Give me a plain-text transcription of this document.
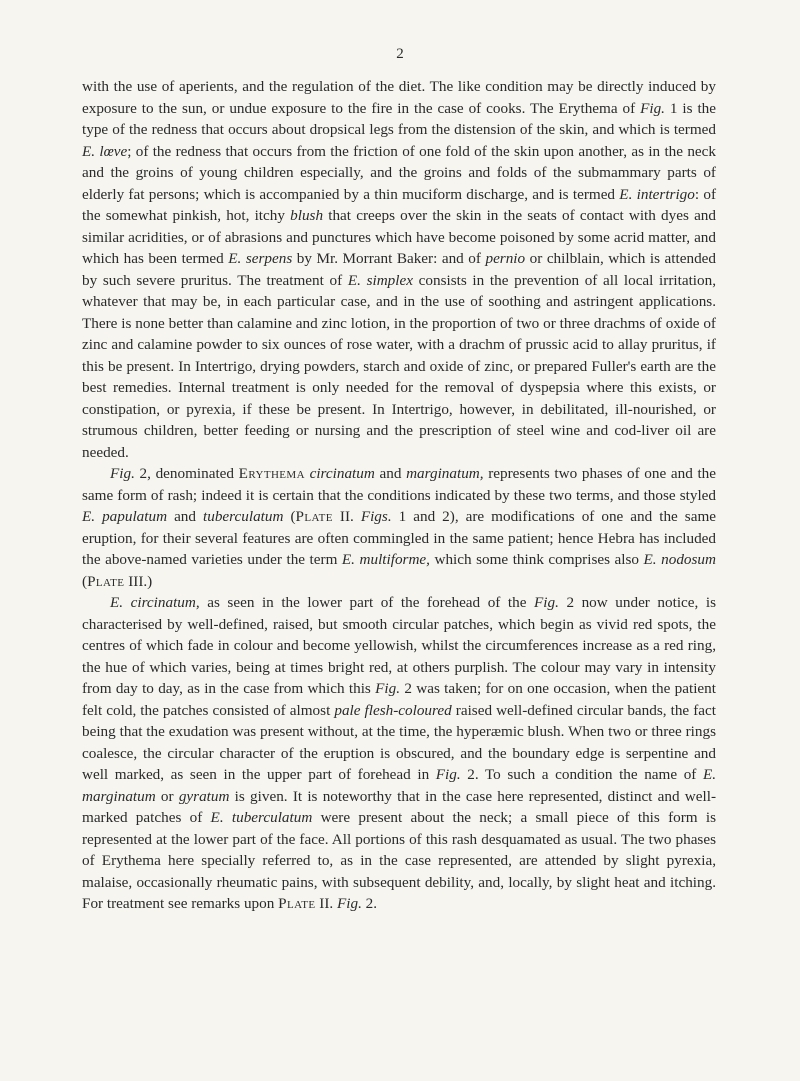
2

with the use of aperients, and the regulation of the diet. The like condition may be directly induced by exposure to the sun, or undue exposure to the fire in the case of cooks. The Erythema of Fig. 1 is the type of the redness that occurs about dropsical legs from the distension of the skin, and which is termed E. lœve; of the redness that occurs from the friction of one fold of the skin upon another, as in the neck and the groins of young children especially, and the groins and folds of the submammary parts of elderly fat persons; which is accompanied by a thin muciform discharge, and is termed E. intertrigo: of the somewhat pinkish, hot, itchy blush that creeps over the skin in the seats of contact with dyes and similar acridities, or of abrasions and punctures which have become poisoned by some acrid matter, and which has been termed E. serpens by Mr. Morrant Baker: and of pernio or chilblain, which is attended by such severe pruritus. The treatment of E. simplex consists in the prevention of all local irritation, whatever that may be, in each particular case, and in the use of soothing and astringent applications. There is none better than calamine and zinc lotion, in the proportion of two or three drachms of oxide of zinc and calamine powder to six ounces of rose water, with a drachm of prussic acid to allay pruritus, if this be present. In Intertrigo, drying powders, starch and oxide of zinc, or prepared Fuller's earth are the best remedies. Internal treatment is only needed for the removal of dyspepsia where this exists, or constipation, or pyrexia, if these be present. In Intertrigo, however, in debilitated, ill-nourished, or strumous children, better feeding or nursing and the prescription of steel wine and cod-liver oil are needed.

Fig. 2, denominated Erythema circinatum and marginatum, represents two phases of one and the same form of rash; indeed it is certain that the conditions indicated by these two terms, and those styled E. papulatum and tuberculatum (Plate II. Figs. 1 and 2), are modifications of one and the same eruption, for their several features are often commingled in the same patient; hence Hebra has included the above-named varieties under the term E. multiforme, which some think comprises also E. nodosum (Plate III.)

E. circinatum, as seen in the lower part of the forehead of the Fig. 2 now under notice, is characterised by well-defined, raised, but smooth circular patches, which begin as vivid red spots, the centres of which fade in colour and become yellowish, whilst the circumferences increase as a red ring, the hue of which varies, being at times bright red, at others purplish. The colour may vary in intensity from day to day, as in the case from which this Fig. 2 was taken; for on one occasion, when the patient felt cold, the patches consisted of almost pale flesh-coloured raised well-defined circular bands, the fact being that the exudation was present without, at the time, the hyperæmic blush. When two or three rings coalesce, the circular character of the eruption is obscured, and the boundary edge is serpentine and well marked, as seen in the upper part of forehead in Fig. 2. To such a condition the name of E. marginatum or gyratum is given. It is noteworthy that in the case here represented, distinct and well-marked patches of E. tuberculatum were present about the neck; a small piece of this form is represented at the lower part of the face. All portions of this rash desquamated as usual. The two phases of Erythema here specially referred to, as in the case represented, are attended by slight pyrexia, malaise, occasionally rheumatic pains, with subsequent debility, and, locally, by slight heat and itching. For treatment see remarks upon Plate II. Fig. 2.
